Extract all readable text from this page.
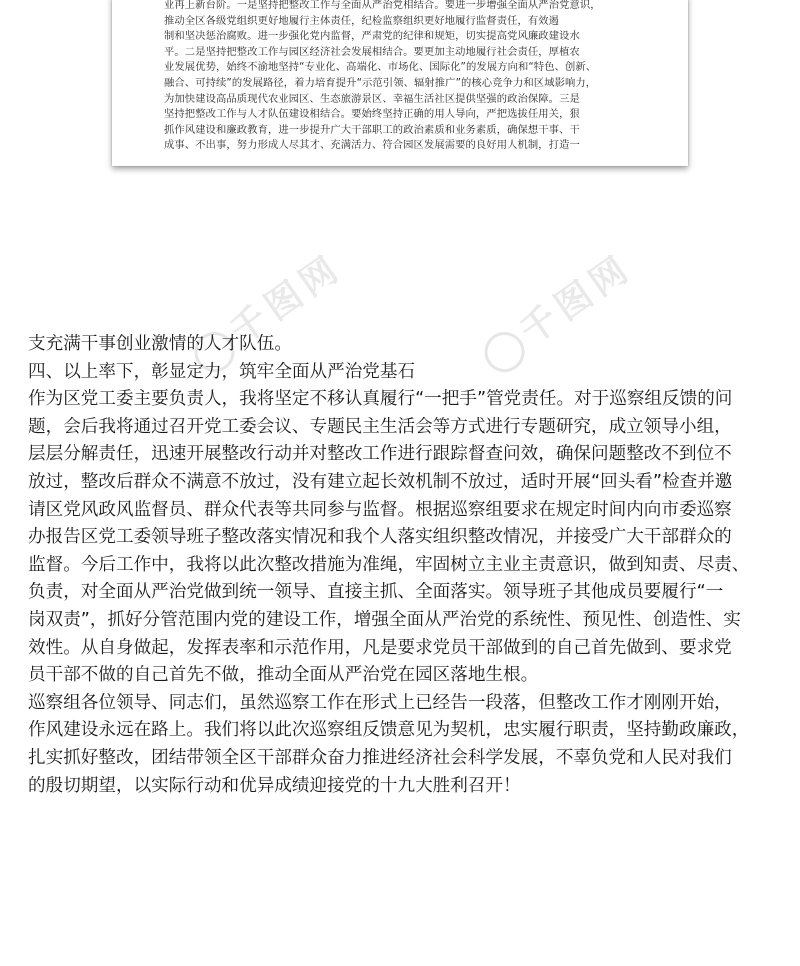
业再上新台阶。一是坚持把整改工作与全面从严治党相结合。要进一步增强全面从严治党意识，
推动全区各级党组织更好地履行主体责任，纪检监察组织更好地履行监督责任，有效遏
制和坚决惩治腐败。进一步强化党内监督，严肃党的纪律和规矩，切实提高党风廉政建设水
平。二是坚持把整改工作与园区经济社会发展相结合。要更加主动地履行社会责任，厚植农
业发展优势，始终不渝地坚持“专业化、高端化、市场化、国际化”的发展方向和“特色、创新、
融合、可持续”的发展路径，着力培育提升“示范引领、辐射推广”的核心竞争力和区域影响力，
为加快建设高品质现代农业园区、生态旅游景区、幸福生活社区提供坚强的政治保障。三是
坚持把整改工作与人才队伍建设相结合。要始终坚持正确的用人导向，严把选拔任用关，狠
抓作风建设和廉政教育，进一步提升广大干部职工的政治素质和业务素质，确保想干事、干
成事、不出事，努力形成人尽其才、充满活力、符合园区发展需要的良好用人机制，打造一
千图网	千图网
支充满干事创业激情的人才队伍。
四、以上率下，彰显定力，筑牢全面从严治党基石
作为区党工委主要负责人，我将坚定不移认真履行“一把手”管党责任。对于巡察组反馈的问
题，会后我将通过召开党工委会议、专题民主生活会等方式进行专题研究，成立领导小组，
层层分解责任，迅速开展整改行动并对整改工作进行跟踪督查问效，确保问题整改不到位不
放过，整改后群众不满意不放过，没有建立起长效机制不放过，适时开展“回头看”检查并邀
请区党风政风监督员、群众代表等共同参与监督。根据巡察组要求在规定时间内向市委巡察
办报告区党工委领导班子整改落实情况和我个人落实组织整改情况，并接受广大干部群众的
监督。今后工作中，我将以此次整改措施为准绳，牢固树立主业主责意识，做到知责、尽责、
负责，对全面从严治党做到统一领导、直接主抓、全面落实。领导班子其他成员要履行“一
岗双责”，抓好分管范围内党的建设工作，增强全面从严治党的系统性、预见性、创造性、实
效性。从自身做起，发挥表率和示范作用，凡是要求党员干部做到的自己首先做到、要求党
员干部不做的自己首先不做，推动全面从严治党在园区落地生根。
巡察组各位领导、同志们，虽然巡察工作在形式上已经告一段落，但整改工作才刚刚开始，
作风建设永远在路上。我们将以此次巡察组反馈意见为契机，忠实履行职责，坚持勤政廉政，
扎实抓好整改，团结带领全区干部群众奋力推进经济社会科学发展，不辜负党和人民对我们
的殷切期望，以实际行动和优异成绩迎接党的十九大胜利召开！
